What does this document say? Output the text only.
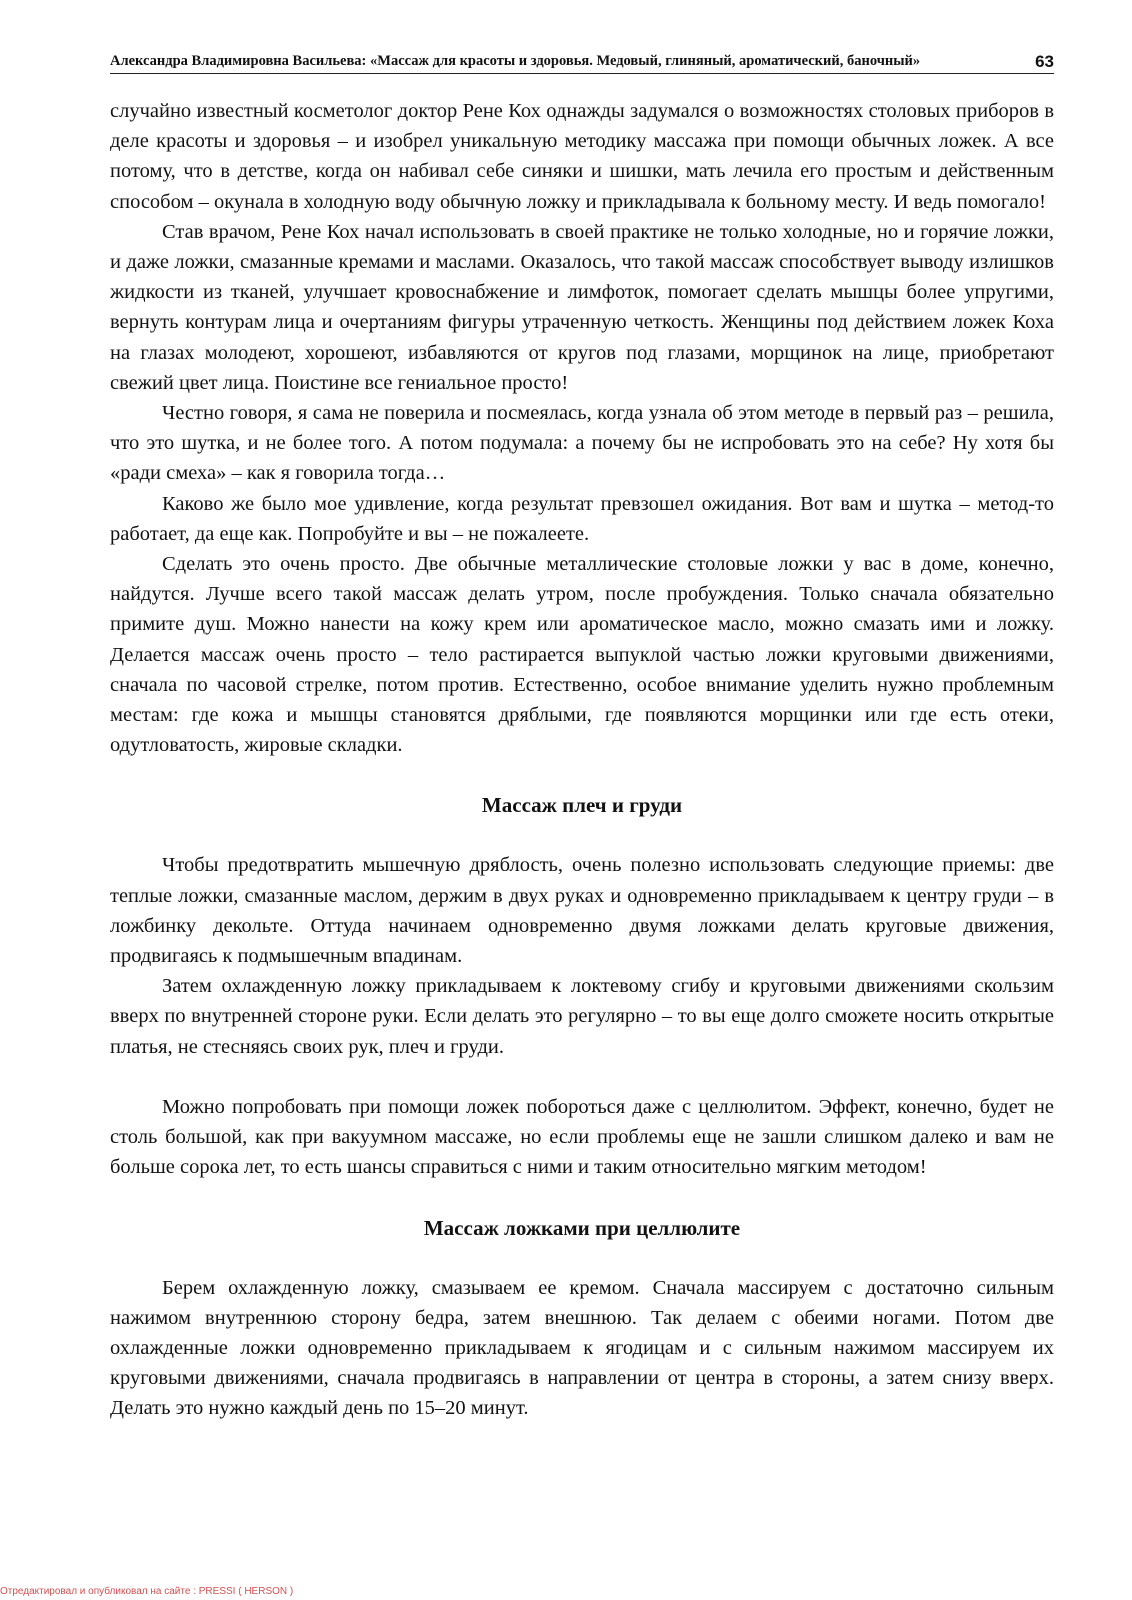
Александра Владимировна Васильева: «Массаж для красоты и здоровья. Медовый, глиняный, ароматический, баночный»	63

случайно известный косметолог доктор Рене Кох однажды задумался о возможностях столовых приборов в деле красоты и здоровья – и изобрел уникальную методику массажа при помощи обычных ложек. А все потому, что в детстве, когда он набивал себе синяки и шишки, мать лечила его простым и действенным способом – окунала в холодную воду обычную ложку и прикладывала к больному месту. И ведь помогало!

Став врачом, Рене Кох начал использовать в своей практике не только холодные, но и горячие ложки, и даже ложки, смазанные кремами и маслами. Оказалось, что такой массаж способствует выводу излишков жидкости из тканей, улучшает кровоснабжение и лимфоток, помогает сделать мышцы более упругими, вернуть контурам лица и очертаниям фигуры утраченную четкость. Женщины под действием ложек Коха на глазах молодеют, хорошеют, избавляются от кругов под глазами, морщинок на лице, приобретают свежий цвет лица. Поистине все гениальное просто!

Честно говоря, я сама не поверила и посмеялась, когда узнала об этом методе в первый раз – решила, что это шутка, и не более того. А потом подумала: а почему бы не испробовать это на себе? Ну хотя бы «ради смеха» – как я говорила тогда…

Каково же было мое удивление, когда результат превзошел ожидания. Вот вам и шутка – метод-то работает, да еще как. Попробуйте и вы – не пожалеете.

Сделать это очень просто. Две обычные металлические столовые ложки у вас в доме, конечно, найдутся. Лучше всего такой массаж делать утром, после пробуждения. Только сначала обязательно примите душ. Можно нанести на кожу крем или ароматическое масло, можно смазать ими и ложку. Делается массаж очень просто – тело растирается выпуклой частью ложки круговыми движениями, сначала по часовой стрелке, потом против. Естественно, особое внимание уделить нужно проблемным местам: где кожа и мышцы становятся дряблыми, где появляются морщинки или где есть отеки, одутловатость, жировые складки.

Массаж плеч и груди

Чтобы предотвратить мышечную дряблость, очень полезно использовать следующие приемы: две теплые ложки, смазанные маслом, держим в двух руках и одновременно прикладываем к центру груди – в ложбинку декольте. Оттуда начинаем одновременно двумя ложками делать круговые движения, продвигаясь к подмышечным впадинам.

Затем охлажденную ложку прикладываем к локтевому сгибу и круговыми движениями скользим вверх по внутренней стороне руки. Если делать это регулярно – то вы еще долго сможете носить открытые платья, не стесняясь своих рук, плеч и груди.

Можно попробовать при помощи ложек побороться даже с целлюлитом. Эффект, конечно, будет не столь большой, как при вакуумном массаже, но если проблемы еще не зашли слишком далеко и вам не больше сорока лет, то есть шансы справиться с ними и таким относительно мягким методом!

Массаж ложками при целлюлите

Берем охлажденную ложку, смазываем ее кремом. Сначала массируем с достаточно сильным нажимом внутреннюю сторону бедра, затем внешнюю. Так делаем с обеими ногами. Потом две охлажденные ложки одновременно прикладываем к ягодицам и с сильным нажимом массируем их круговыми движениями, сначала продвигаясь в направлении от центра в стороны, а затем снизу вверх. Делать это нужно каждый день по 15–20 минут.

Отредактировал и опубликовал на сайте : PRESSI ( HERSON )
